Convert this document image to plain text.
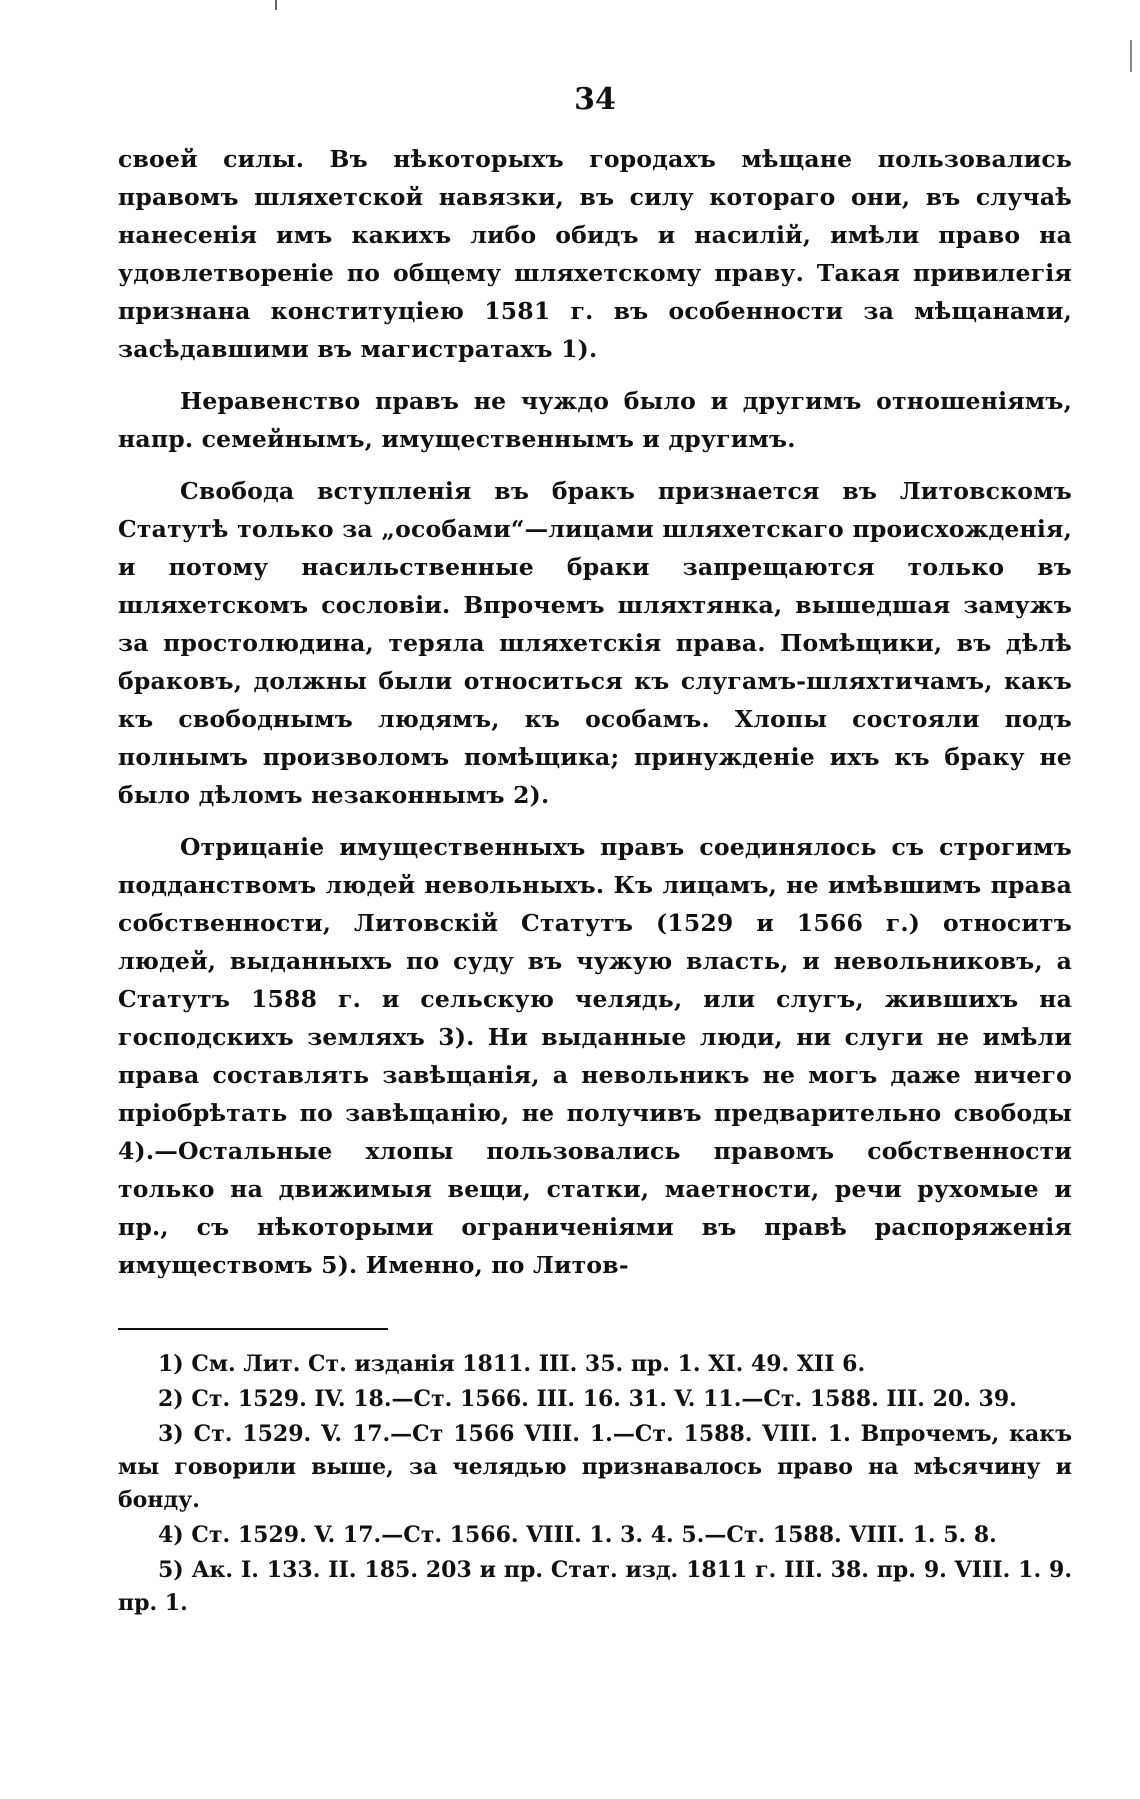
34

своей силы. Въ нѣкоторыхъ городахъ мѣщане пользовались правомъ шляхетской навязки, въ силу котораго они, въ случаѣ нанесенія имъ какихъ либо обидъ и насилій, имѣли право на удовлетвореніе по общему шляхетскому праву. Такая привилегія признана конституціею 1581 г. въ особенности за мѣщанами, засѣдавшими въ магистратахъ 1).

Неравенство правъ не чуждо было и другимъ отношеніямъ, напр. семейнымъ, имущественнымъ и другимъ.

Свобода вступленія въ бракъ признается въ Литовскомъ Статутѣ только за „особами“—лицами шляхетскаго происхожденія, и потому насильственные браки запрещаются только въ шляхетскомъ сословіи. Впрочемъ шляхтянка, вышедшая замужъ за простолюдина, теряла шляхетскія права. Помѣщики, въ дѣлѣ браковъ, должны были относиться къ слугамъ-шляхтичамъ, какъ къ свободнымъ людямъ, къ особамъ. Хлопы состояли подъ полнымъ произволомъ помѣщика; принужденіе ихъ къ браку не было дѣломъ незаконнымъ 2).

Отрицаніе имущественныхъ правъ соединялось съ строгимъ подданствомъ людей невольныхъ. Къ лицамъ, не имѣвшимъ права собственности, Литовскій Статутъ (1529 и 1566 г.) относитъ людей, выданныхъ по суду въ чужую власть, и невольниковъ, а Статутъ 1588 г. и сельскую челядь, или слугъ, жившихъ на господскихъ земляхъ 3). Ни выданные люди, ни слуги не имѣли права составлять завѣщанія, а невольникъ не могъ даже ничего пріобрѣтать по завѣщанію, не получивъ предварительно свободы 4).—Остальные хлопы пользовались правомъ собственности только на движимыя вещи, статки, маетности, речи рухомые и пр., съ нѣкоторыми ограниченіями въ правѣ распоряженія имуществомъ 5). Именно, по Литов-

1) См. Лит. Ст. изданія 1811. III. 35. пр. 1. XI. 49. XII 6.

2) Ст. 1529. IV. 18.—Ст. 1566. III. 16. 31. V. 11.—Ст. 1588. III. 20. 39.

3) Ст. 1529. V. 17.—Ст 1566 VIII. 1.—Ст. 1588. VIII. 1. Впрочемъ, какъ мы говорили выше, за челядью признавалось право на мѣсячину и бонду.

4) Ст. 1529. V. 17.—Ст. 1566. VIII. 1. 3. 4. 5.—Ст. 1588. VIII. 1. 5. 8.

5) Ак. I. 133. II. 185. 203 и пр. Стат. изд. 1811 г. III. 38. пр. 9. VIII. 1. 9. пр. 1.
